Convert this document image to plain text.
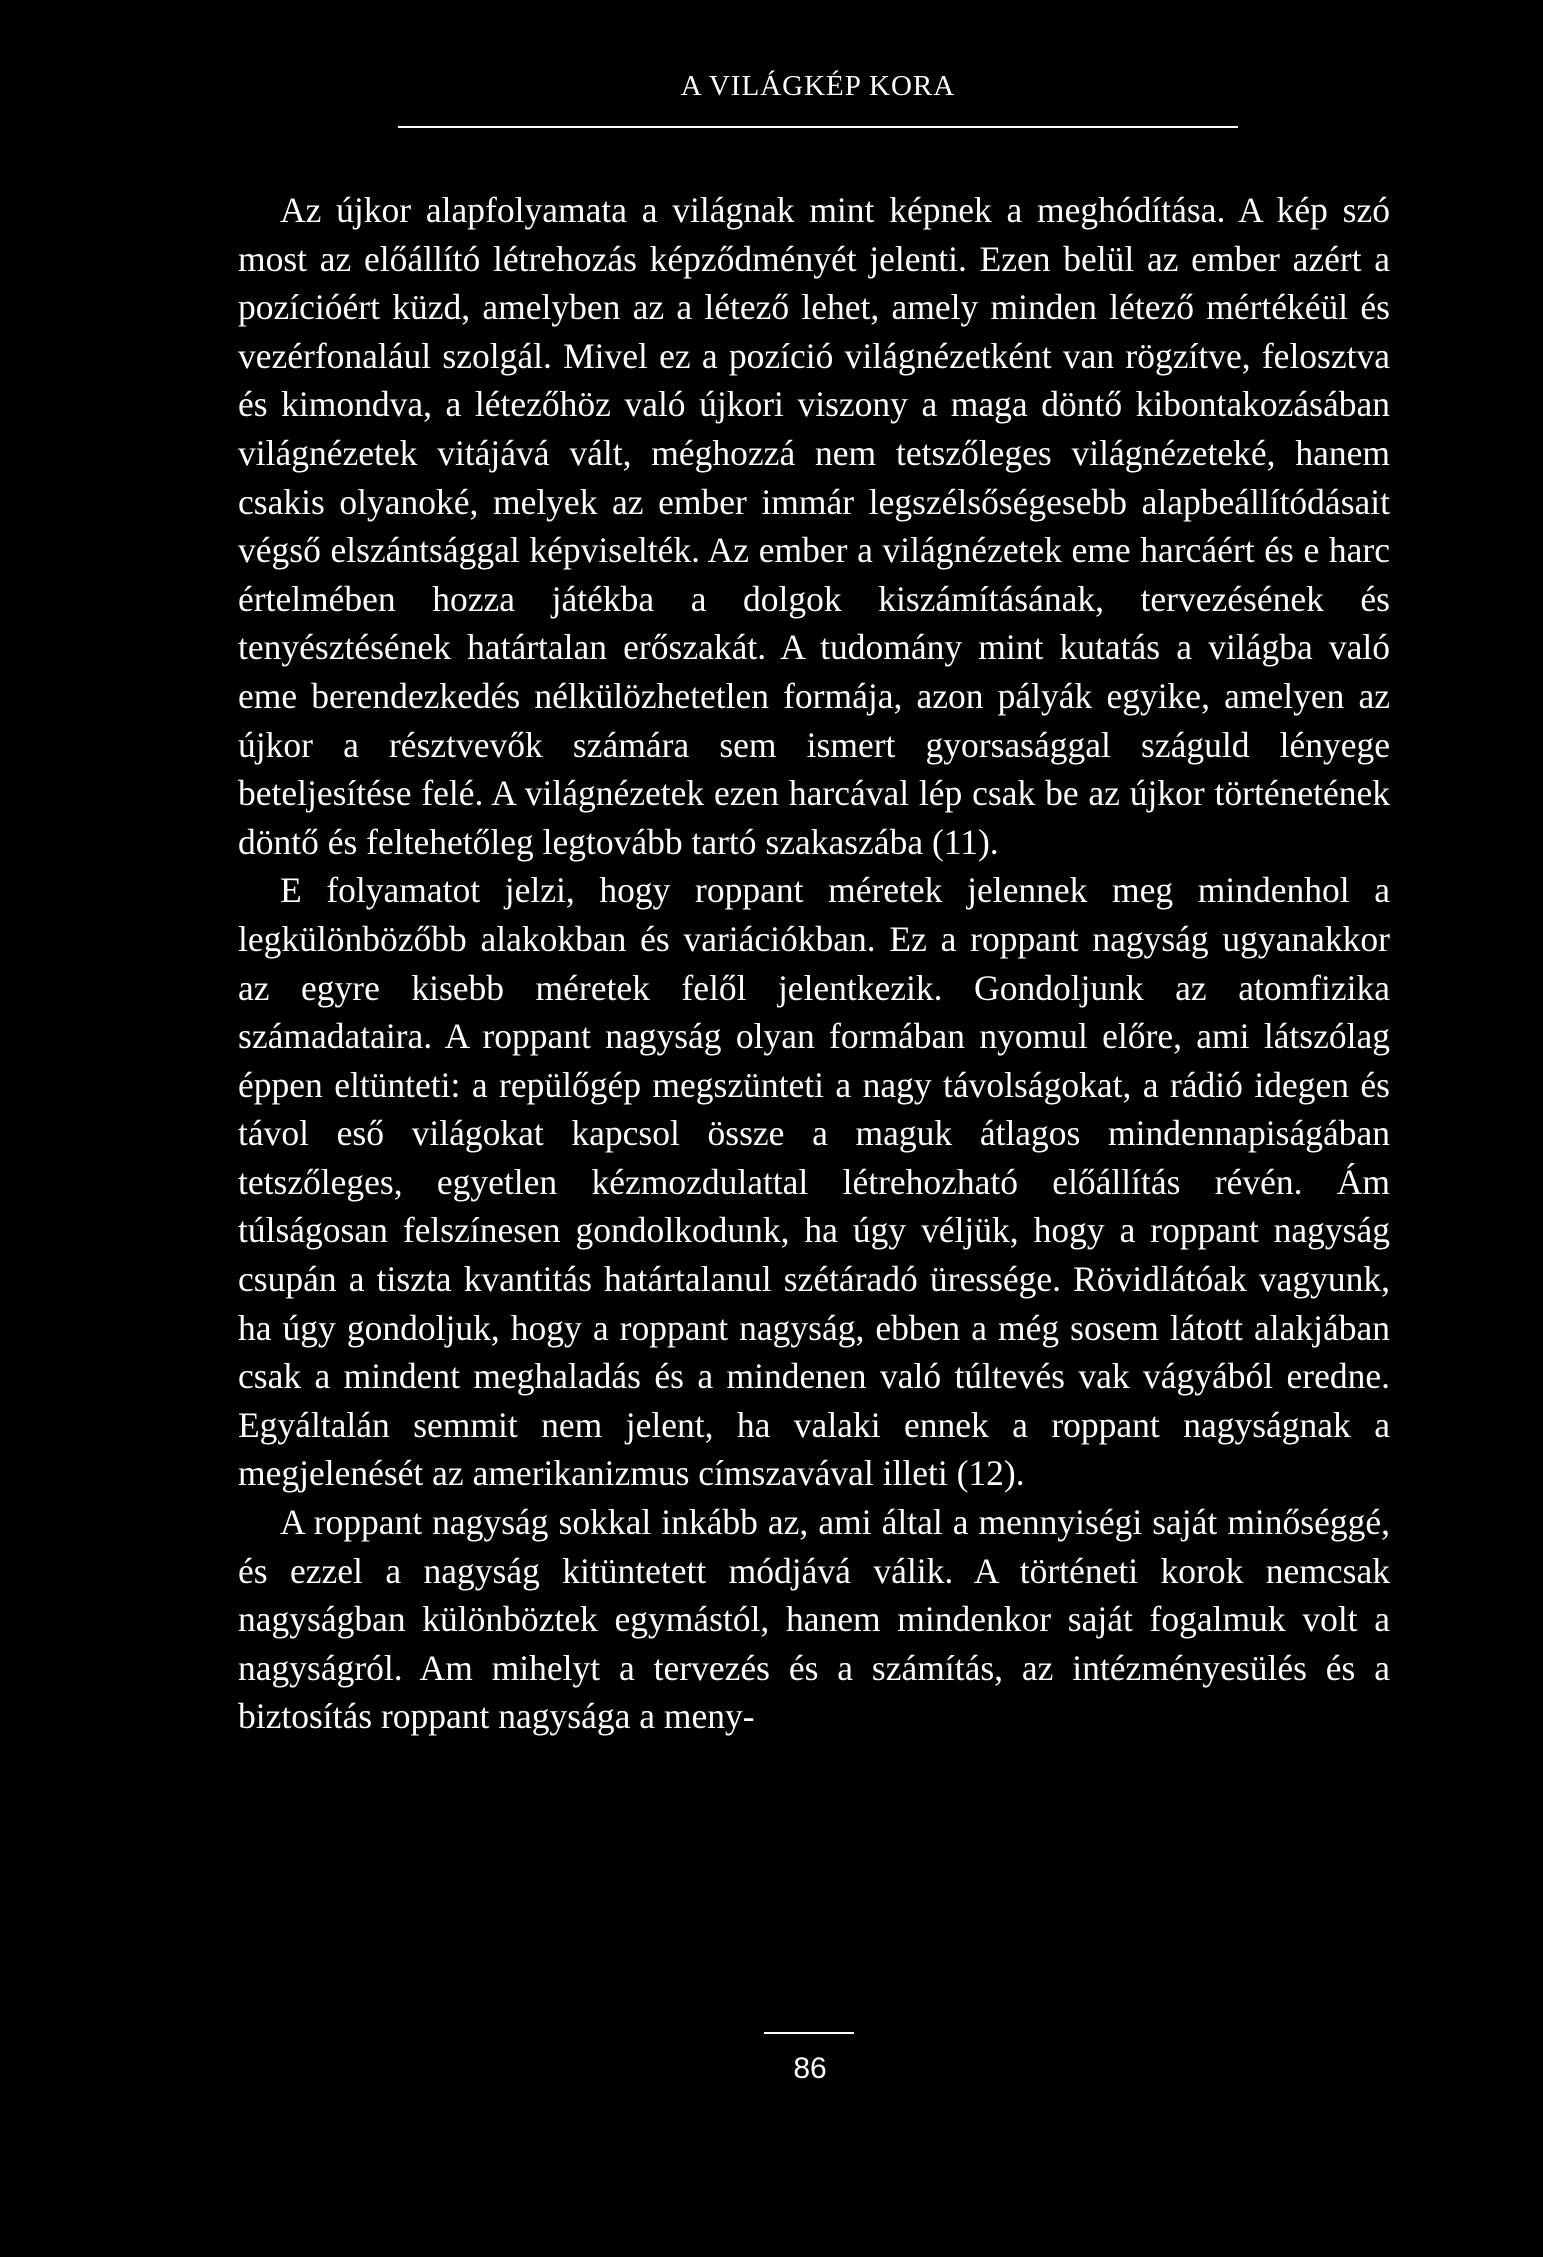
A VILÁGKÉP KORA

Az újkor alapfolyamata a világnak mint képnek a meghódítása. A kép szó most az előállító létrehozás képződményét jelenti. Ezen belül az ember azért a pozícióért küzd, amelyben az a létező lehet, amely minden létező mértékéül és vezérfonalául szolgál. Mivel ez a pozíció világnézetként van rögzítve, felosztva és kimondva, a létezőhöz való újkori viszony a maga döntő kibontakozásában világnézetek vitájává vált, méghozzá nem tetszőleges világnézeteké, hanem csakis olyanoké, melyek az ember immár legszélsőségesebb alapbeállítódásait végső elszántsággal képviselték. Az ember a világnézetek eme harcáért és e harc értelmében hozza játékba a dolgok kiszámításának, tervezésének és tenyésztésének határtalan erőszakát. A tudomány mint kutatás a világba való eme berendezkedés nélkülözhetetlen formája, azon pályák egyike, amelyen az újkor a résztvevők számára sem ismert gyorsasággal száguld lényege beteljesítése felé. A világnézetek ezen harcával lép csak be az újkor történetének döntő és feltehetőleg legtovább tartó szakaszába (11).

E folyamatot jelzi, hogy roppant méretek jelennek meg mindenhol a legkülönbözőbb alakokban és variációkban. Ez a roppant nagyság ugyanakkor az egyre kisebb méretek felől jelentkezik. Gondoljunk az atomfizika számadataira. A roppant nagyság olyan formában nyomul előre, ami látszólag éppen eltünteti: a repülőgép megszünteti a nagy távolságokat, a rádió idegen és távol eső világokat kapcsol össze a maguk átlagos mindennapiságában tetszőleges, egyetlen kézmozdulattal létrehozható előállítás révén. Ám túlságosan felszínesen gondolkodunk, ha úgy véljük, hogy a roppant nagyság csupán a tiszta kvantitás határtalanul szétáradó üressége. Rövidlátóak vagyunk, ha úgy gondoljuk, hogy a roppant nagyság, ebben a még sosem látott alakjában csak a mindent meghaladás és a mindenen való túltevés vak vágyából eredne. Egyáltalán semmit nem jelent, ha valaki ennek a roppant nagyságnak a megjelenését az amerikanizmus címszavával illeti (12).

A roppant nagyság sokkal inkább az, ami által a mennyiségi saját minőséggé, és ezzel a nagyság kitüntetett módjává válik. A történeti korok nemcsak nagyságban különböztek egymástól, hanem mindenkor saját fogalmuk volt a nagyságról. Am mihelyt a tervezés és a számítás, az intézményesülés és a biztosítás roppant nagysága a meny-

86
